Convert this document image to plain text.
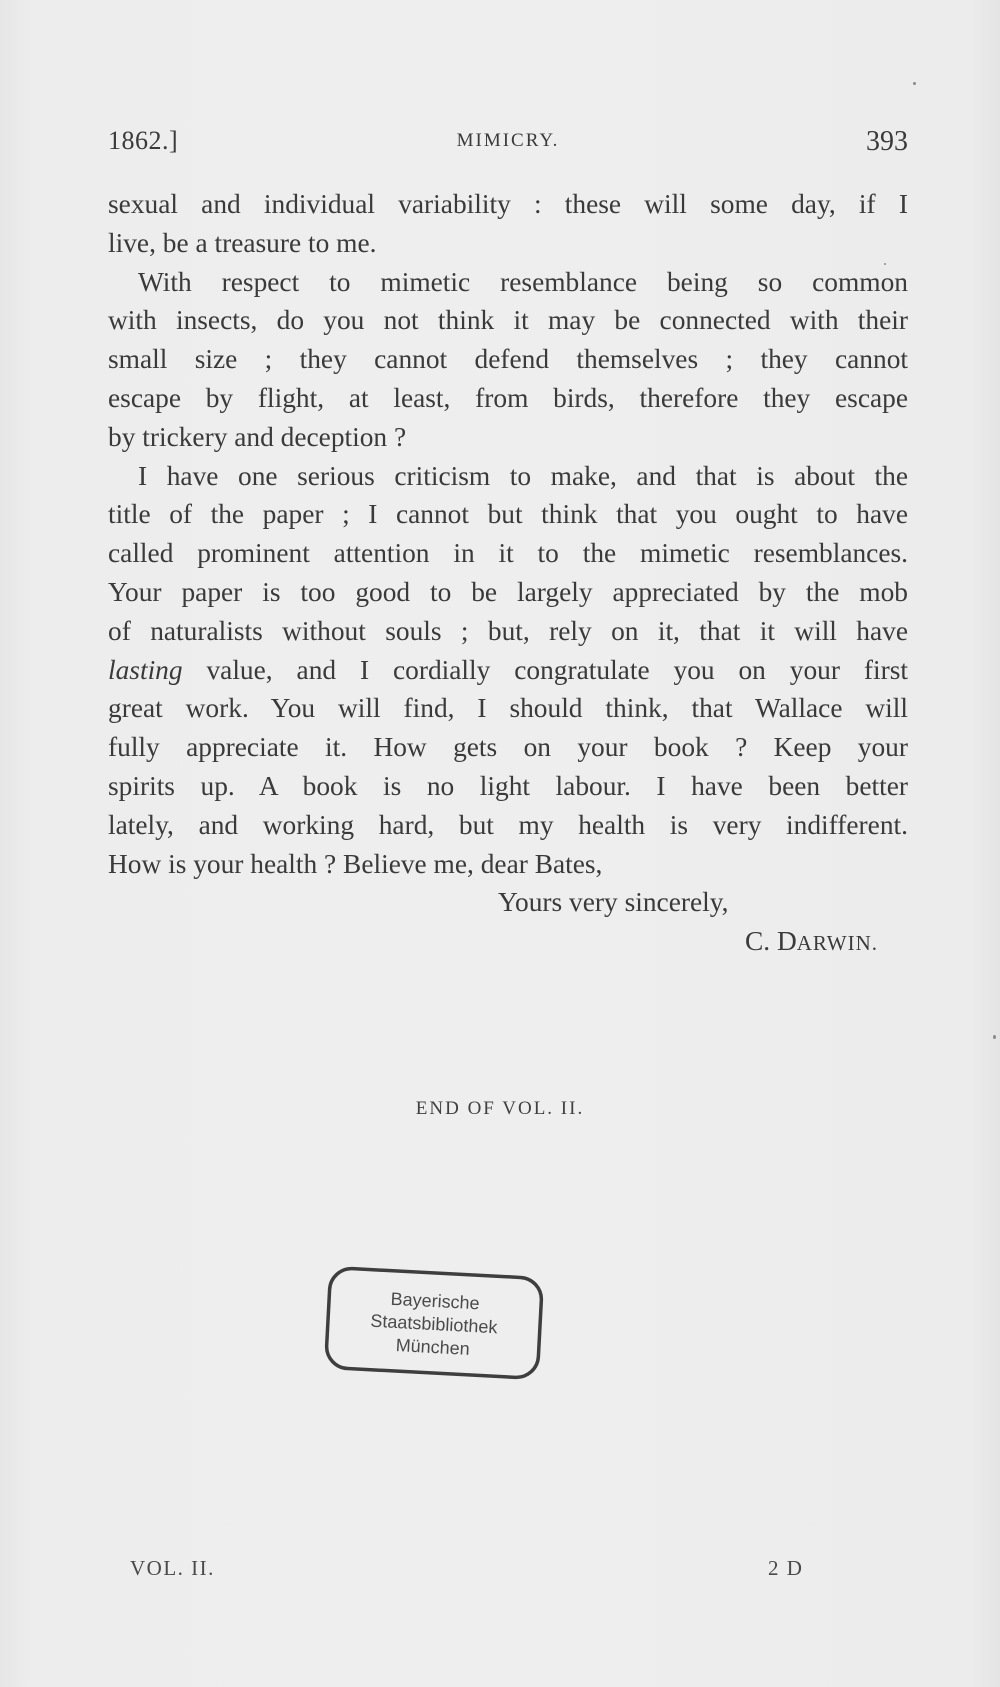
1862.]	MIMICRY.	393
sexual and individual variability : these will some day, if I
live, be a treasure to me.
With respect to mimetic resemblance being so common
with insects, do you not think it may be connected with their
small size ; they cannot defend themselves ; they cannot
escape by flight, at least, from birds, therefore they escape
by trickery and deception ?
I have one serious criticism to make, and that is about the
title of the paper ; I cannot but think that you ought to have
called prominent attention in it to the mimetic resemblances.
Your paper is too good to be largely appreciated by the mob
of naturalists without souls ; but, rely on it, that it will have
lasting value, and I cordially congratulate you on your first
great work. You will find, I should think, that Wallace will
fully appreciate it. How gets on your book ? Keep your
spirits up. A book is no light labour. I have been better
lately, and working hard, but my health is very indifferent.
How is your health ? Believe me, dear Bates,
Yours very sincerely,
C. DARWIN.
END OF VOL. II.
Bayerische
Staatsbibliothek
München
VOL. II.	2 D
